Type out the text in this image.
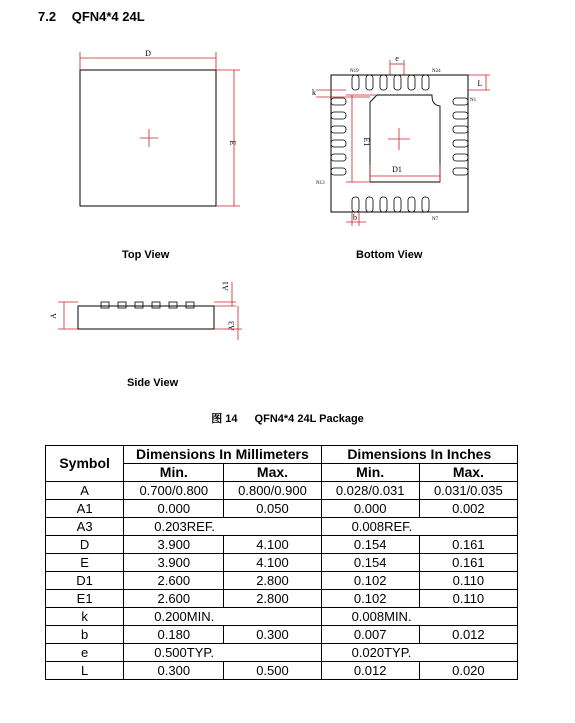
7.2 QFN4*4 24L
D
E
e
N19	N24
N1
N13
N7
L
k
E1
D1
b
A
A1
A3
Top View	Bottom View
Side View
图 14 QFN4*4 24L Package
Symbol	Dimensions In Millimeters		Dimensions In Inches	
	Min.	Max.	Min.	Max.
A	0.700/0.800	0.800/0.900	0.028/0.031	0.031/0.035
A1	0.000	0.050	0.000	0.002
A3	0.203REF.		0.008REF.	
D	3.900	4.100	0.154	0.161
E	3.900	4.100	0.154	0.161
D1	2.600	2.800	0.102	0.110
E1	2.600	2.800	0.102	0.110
k	0.200MIN.		0.008MIN.	
b	0.180	0.300	0.007	0.012
e	0.500TYP.		0.020TYP.	
L	0.300	0.500	0.012	0.020
